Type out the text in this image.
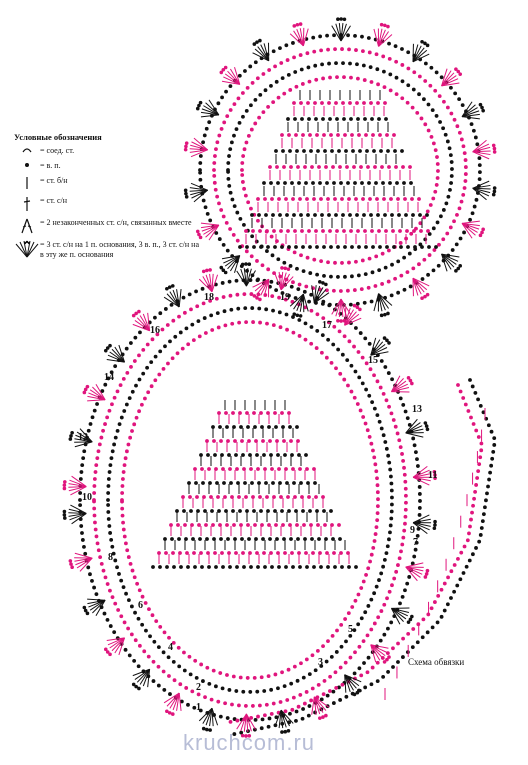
1
2
3
4
5
6
7
8
9
10
11
12
13
14
15
16	17
18	19
Условные обозначения
= соед. ст.
= в. п.
= ст. б/н
= ст. с/н
= 2 незаконченных ст. с/н, связанных вместе
= 3 ст. с/н на 1 п. основания, 3 в. п., 3 ст. с/н на в эту же п. основания
Схема обвязки
kruchcom.ru
